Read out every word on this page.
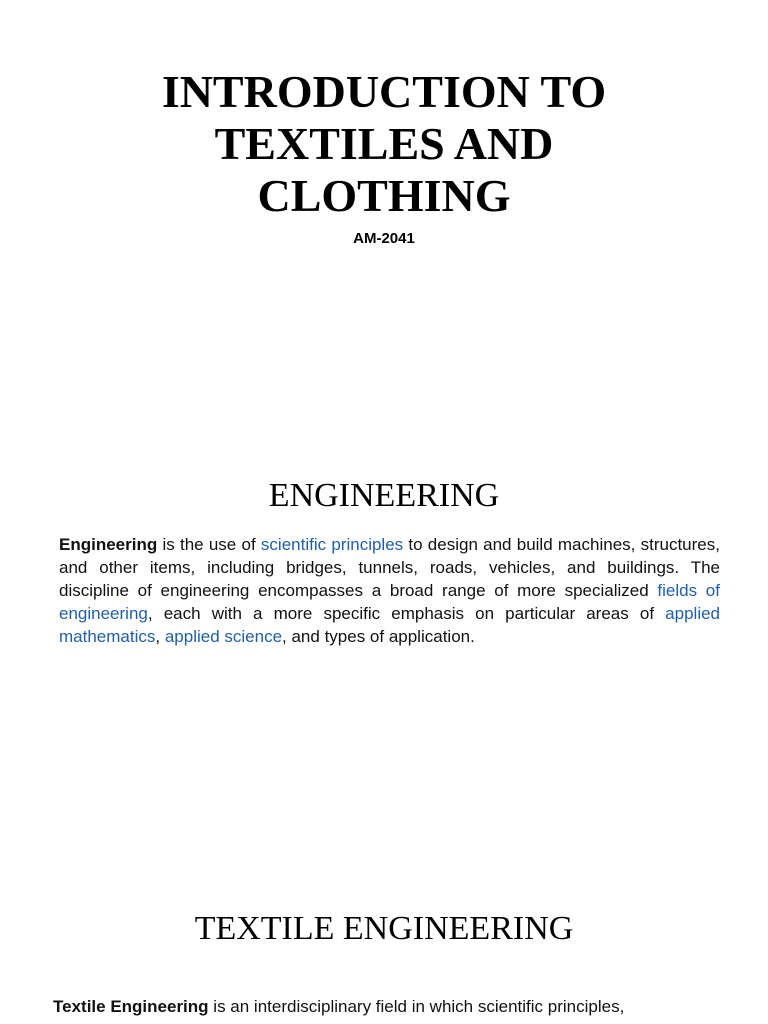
INTRODUCTION TO
TEXTILES AND
CLOTHING

AM-2041

ENGINEERING

Engineering is the use of scientific principles to design and build machines, structures, and other items, including bridges, tunnels, roads, vehicles, and buildings. The discipline of engineering encompasses a broad range of more specialized fields of engineering, each with a more specific emphasis on particular areas of applied mathematics, applied science, and types of application.

TEXTILE ENGINEERING

Textile Engineering is an interdisciplinary field in which scientific principles,
